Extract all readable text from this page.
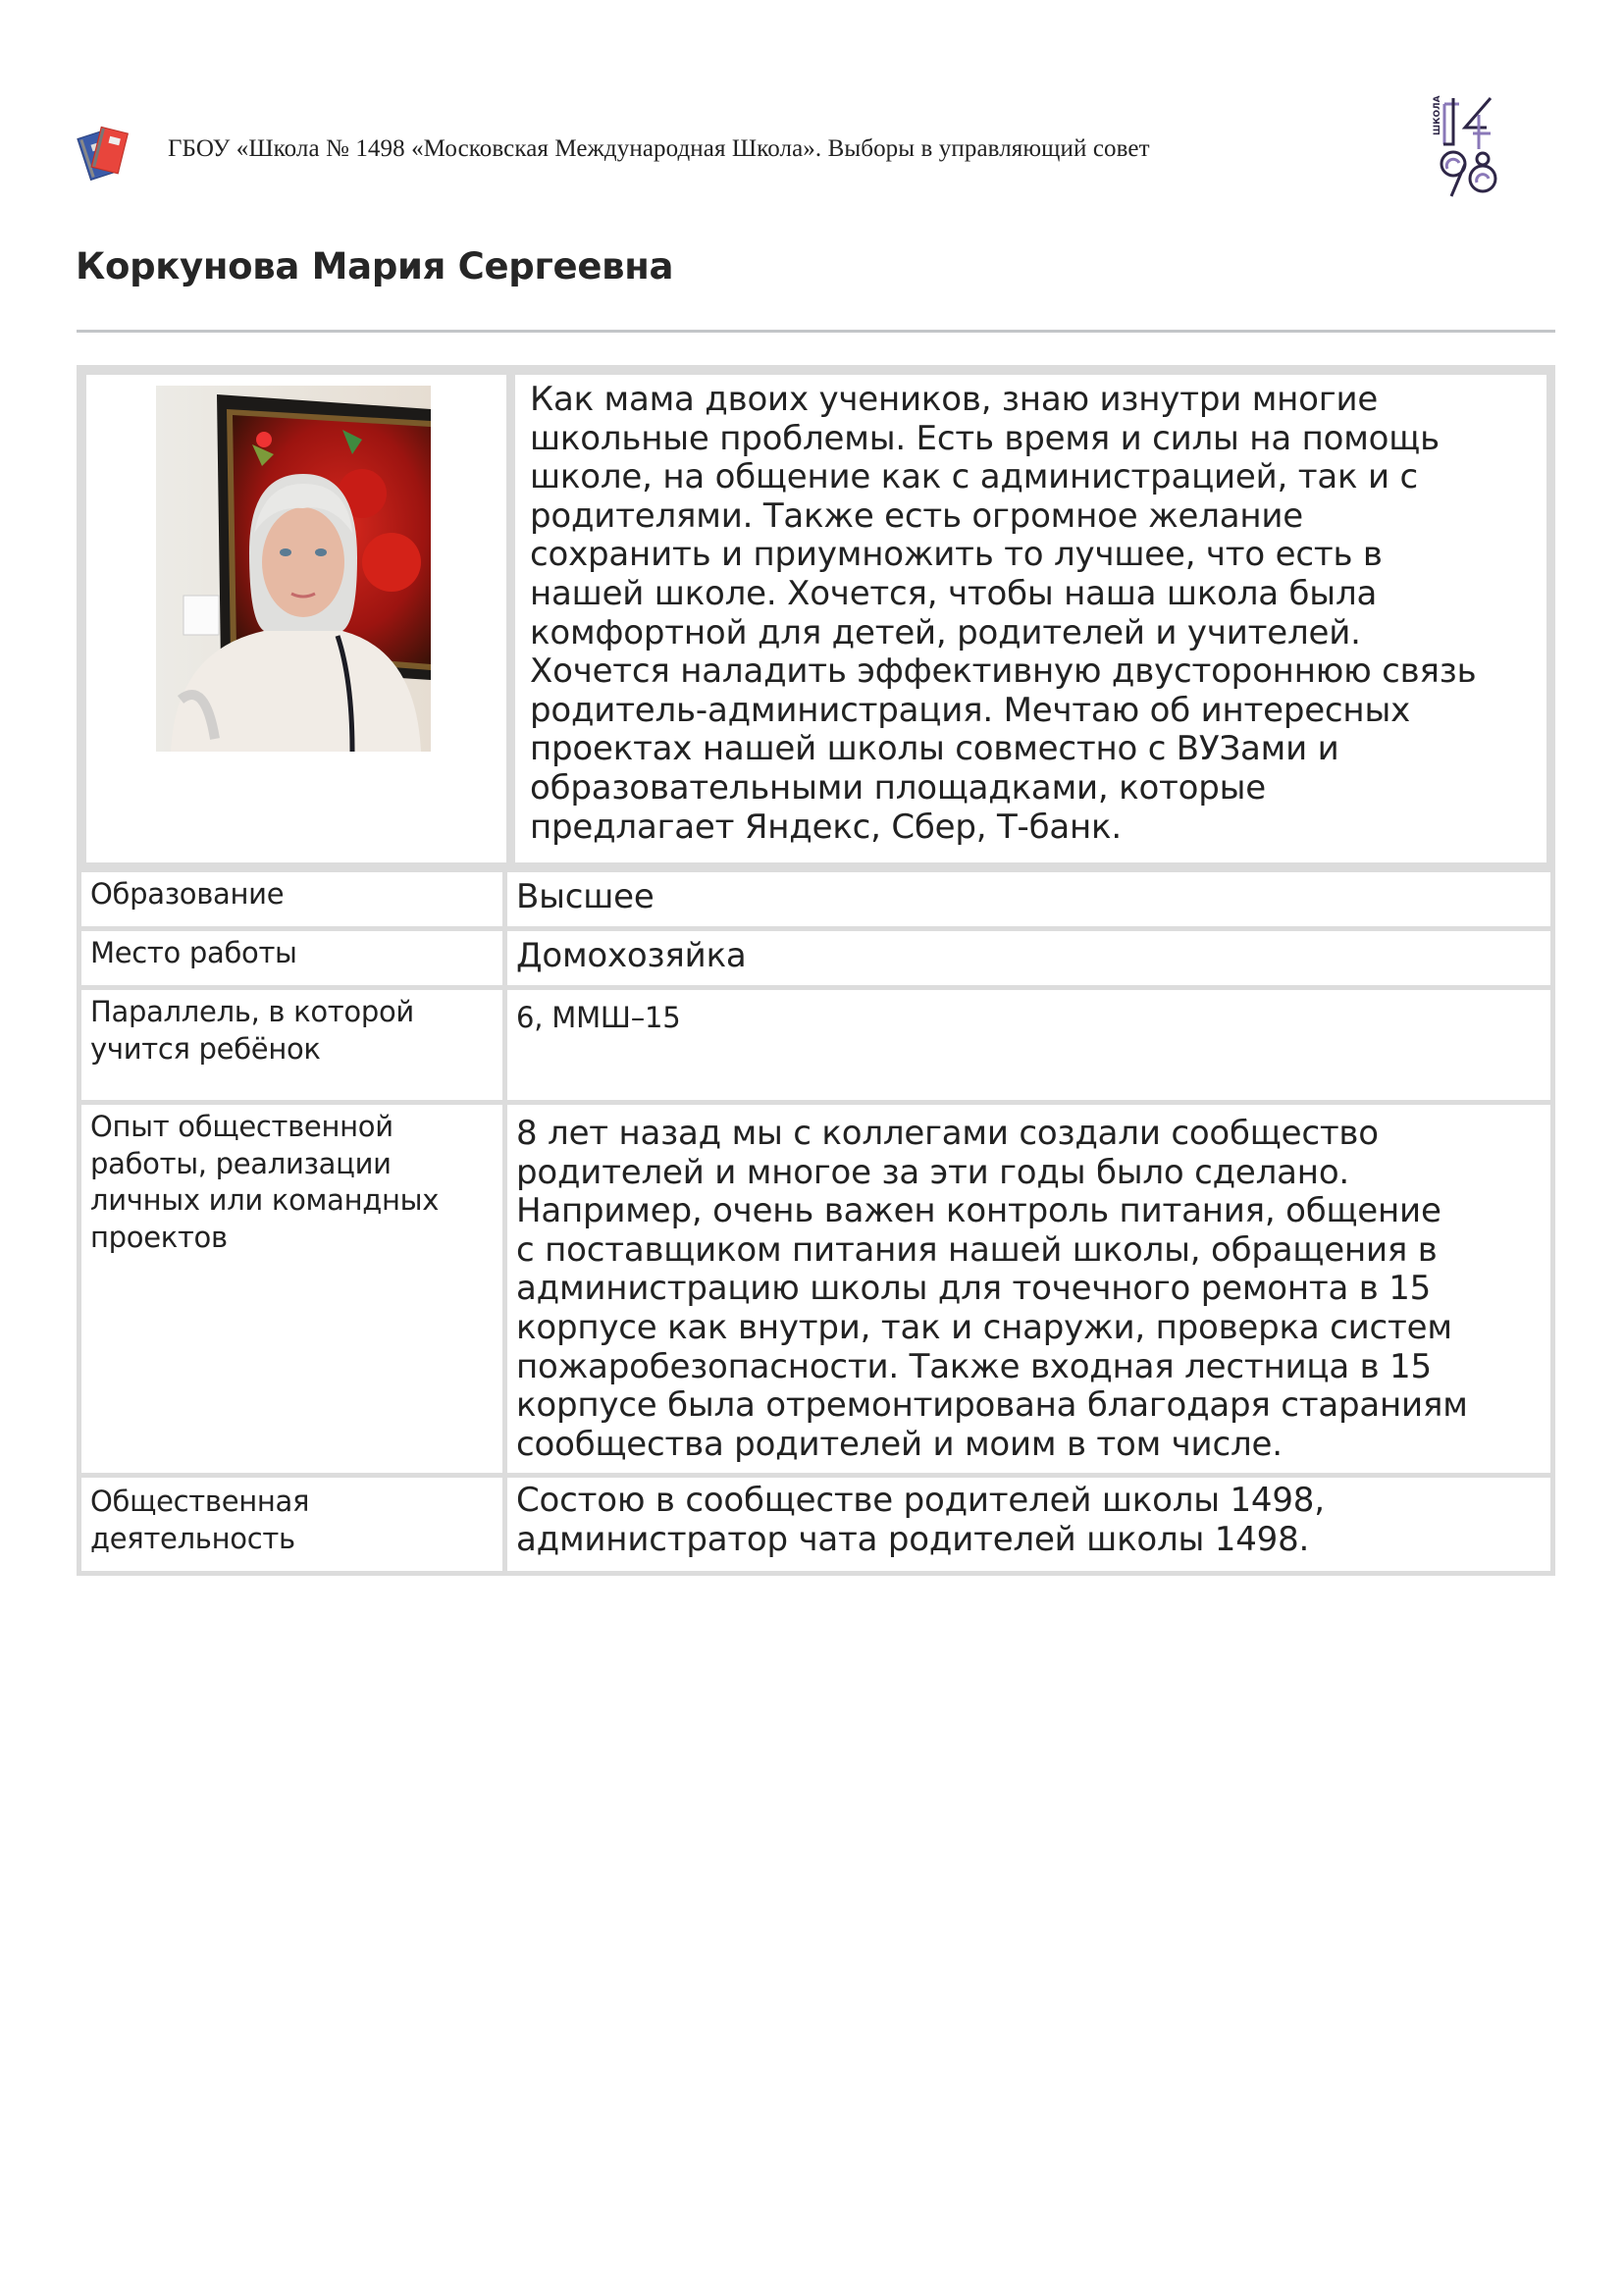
ГБОУ «Школа № 1498 «Московская Международная Школа». Выборы в управляющий совет
ШКОЛА
Коркунова Мария Сергеевна
Как мама двоих учеников, знаю изнутри многие
школьные проблемы. Есть время и силы на помощь
школе, на общение как с администрацией, так и с
родителями. Также есть огромное желание
сохранить и приумножить то лучшее, что есть в
нашей школе. Хочется, чтобы наша школа была
комфортной для детей, родителей и учителей.
Хочется наладить эффективную двустороннюю связь
родитель-администрация. Мечтаю об интересных
проектах нашей школы совместно с ВУЗами и
образовательными площадками, которые
предлагает Яндекс, Сбер, Т-банк.
Образование	Высшее
Место работы	Домохозяйка
Параллель, в которой
учится ребёнок
6, ММШ–15
Опыт общественной
работы, реализации
личных или командных
проектов
8 лет назад мы с коллегами создали сообщество
родителей и многое за эти годы было сделано.
Например, очень важен контроль питания, общение
с поставщиком питания нашей школы, обращения в
администрацию школы для точечного ремонта в 15
корпусе как внутри, так и снаружи, проверка систем
пожаробезопасности. Также входная лестница в 15
корпусе была отремонтирована благодаря стараниям
сообщества родителей и моим в том числе.
Общественная
деятельность
Состою в сообществе родителей школы 1498,
администратор чата родителей школы 1498.
